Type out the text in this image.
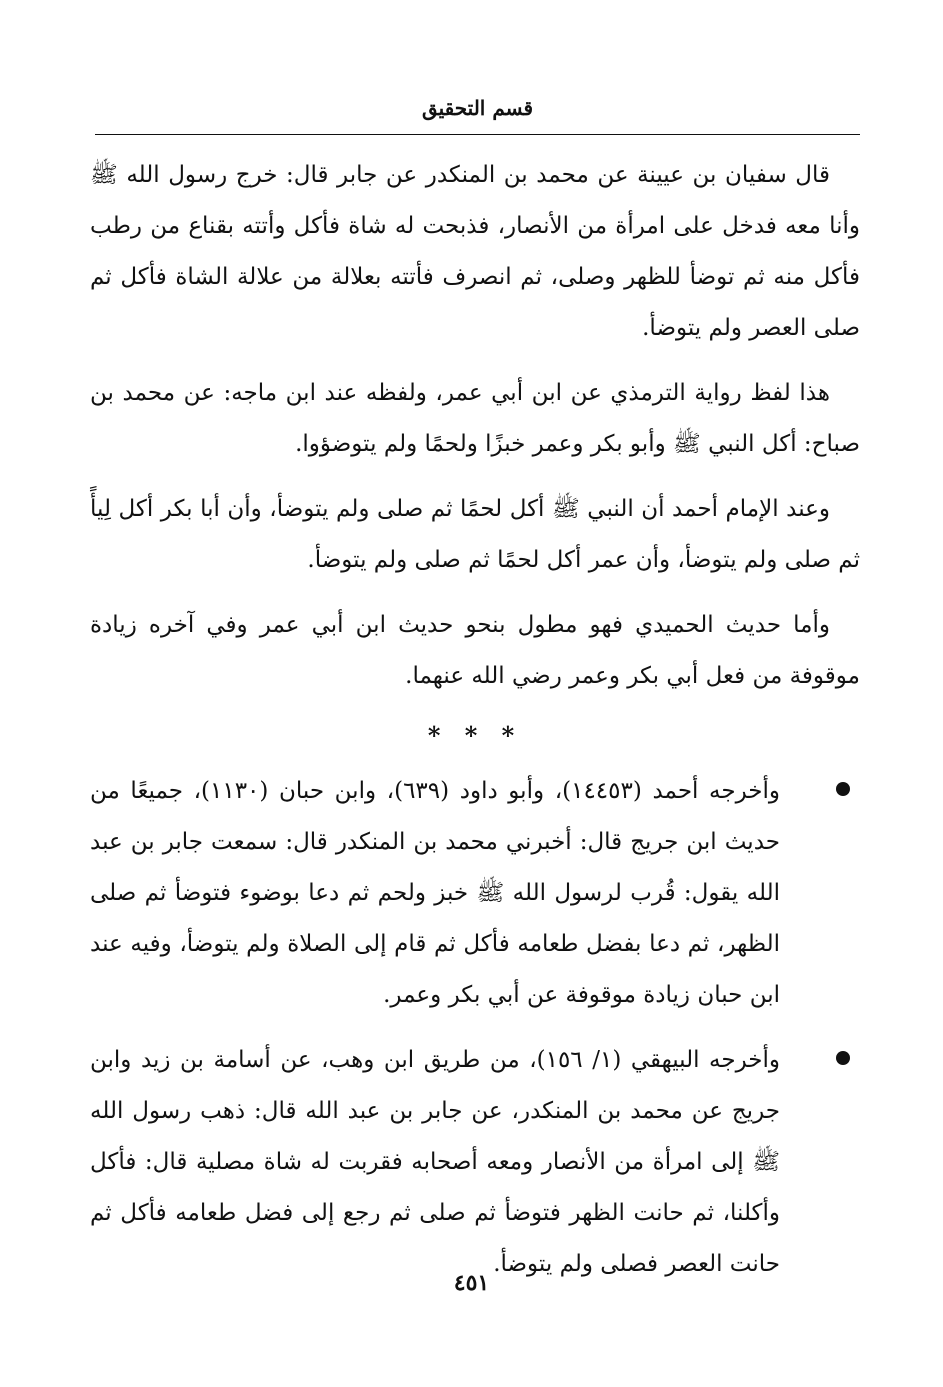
قسم التحقيق

قال سفيان بن عيينة عن محمد بن المنكدر عن جابر قال: خرج رسول الله ﷺ وأنا معه فدخل على امرأة من الأنصار، فذبحت له شاة فأكل وأتته بقناع من رطب فأكل منه ثم توضأ للظهر وصلى، ثم انصرف فأتته بعلالة من علالة الشاة فأكل ثم صلى العصر ولم يتوضأ.

هذا لفظ رواية الترمذي عن ابن أبي عمر، ولفظه عند ابن ماجه: عن محمد بن صباح: أكل النبي ﷺ وأبو بكر وعمر خبزًا ولحمًا ولم يتوضؤوا.

وعند الإمام أحمد أن النبي ﷺ أكل لحمًا ثم صلى ولم يتوضأ، وأن أبا بكر أكل لِيأً ثم صلى ولم يتوضأ، وأن عمر أكل لحمًا ثم صلى ولم يتوضأ.

وأما حديث الحميدي فهو مطول بنحو حديث ابن أبي عمر وفي آخره زيادة موقوفة من فعل أبي بكر وعمر رضي الله عنهما.

* * *
وأخرجه أحمد (١٤٤٥٣)، وأبو داود (٦٣٩)، وابن حبان (١١٣٠)، جميعًا من حديث ابن جريج قال: أخبرني محمد بن المنكدر قال: سمعت جابر بن عبد الله يقول: قُرب لرسول الله ﷺ خبز ولحم ثم دعا بوضوء فتوضأ ثم صلى الظهر، ثم دعا بفضل طعامه فأكل ثم قام إلى الصلاة ولم يتوضأ، وفيه عند ابن حبان زيادة موقوفة عن أبي بكر وعمر.
وأخرجه البيهقي (١/ ١٥٦)، من طريق ابن وهب، عن أسامة بن زيد وابن جريج عن محمد بن المنكدر، عن جابر بن عبد الله قال: ذهب رسول الله ﷺ إلى امرأة من الأنصار ومعه أصحابه فقربت له شاة مصلية قال: فأكل وأكلنا، ثم حانت الظهر فتوضأ ثم صلى ثم رجع إلى فضل طعامه فأكل ثم حانت العصر فصلى ولم يتوضأ.
٤٥١
